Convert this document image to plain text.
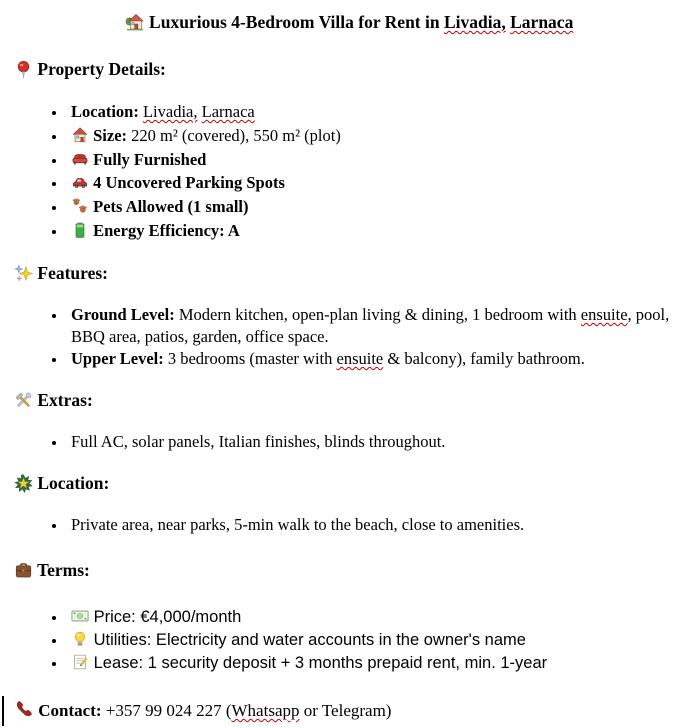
Luxurious 4-Bedroom Villa for Rent in Livadia, Larnaca
Property Details:
• Location: Livadia, Larnaca
• Size: 220 m² (covered), 550 m² (plot)
• Fully Furnished
• 4 Uncovered Parking Spots
• Pets Allowed (1 small)
• Energy Efficiency: A
Features:
• Ground Level: Modern kitchen, open-plan living & dining, 1 bedroom with ensuite, pool, BBQ area, patios, garden, office space.
• Upper Level: 3 bedrooms (master with ensuite & balcony), family bathroom.
Extras:
• Full AC, solar panels, Italian finishes, blinds throughout.
Location:
• Private area, near parks, 5-min walk to the beach, close to amenities.
Terms:
• Price: €4,000/month
• Utilities: Electricity and water accounts in the owner's name
• Lease: 1 security deposit + 3 months prepaid rent, min. 1-year
Contact: +357 99 024 227 (Whatsapp or Telegram)
